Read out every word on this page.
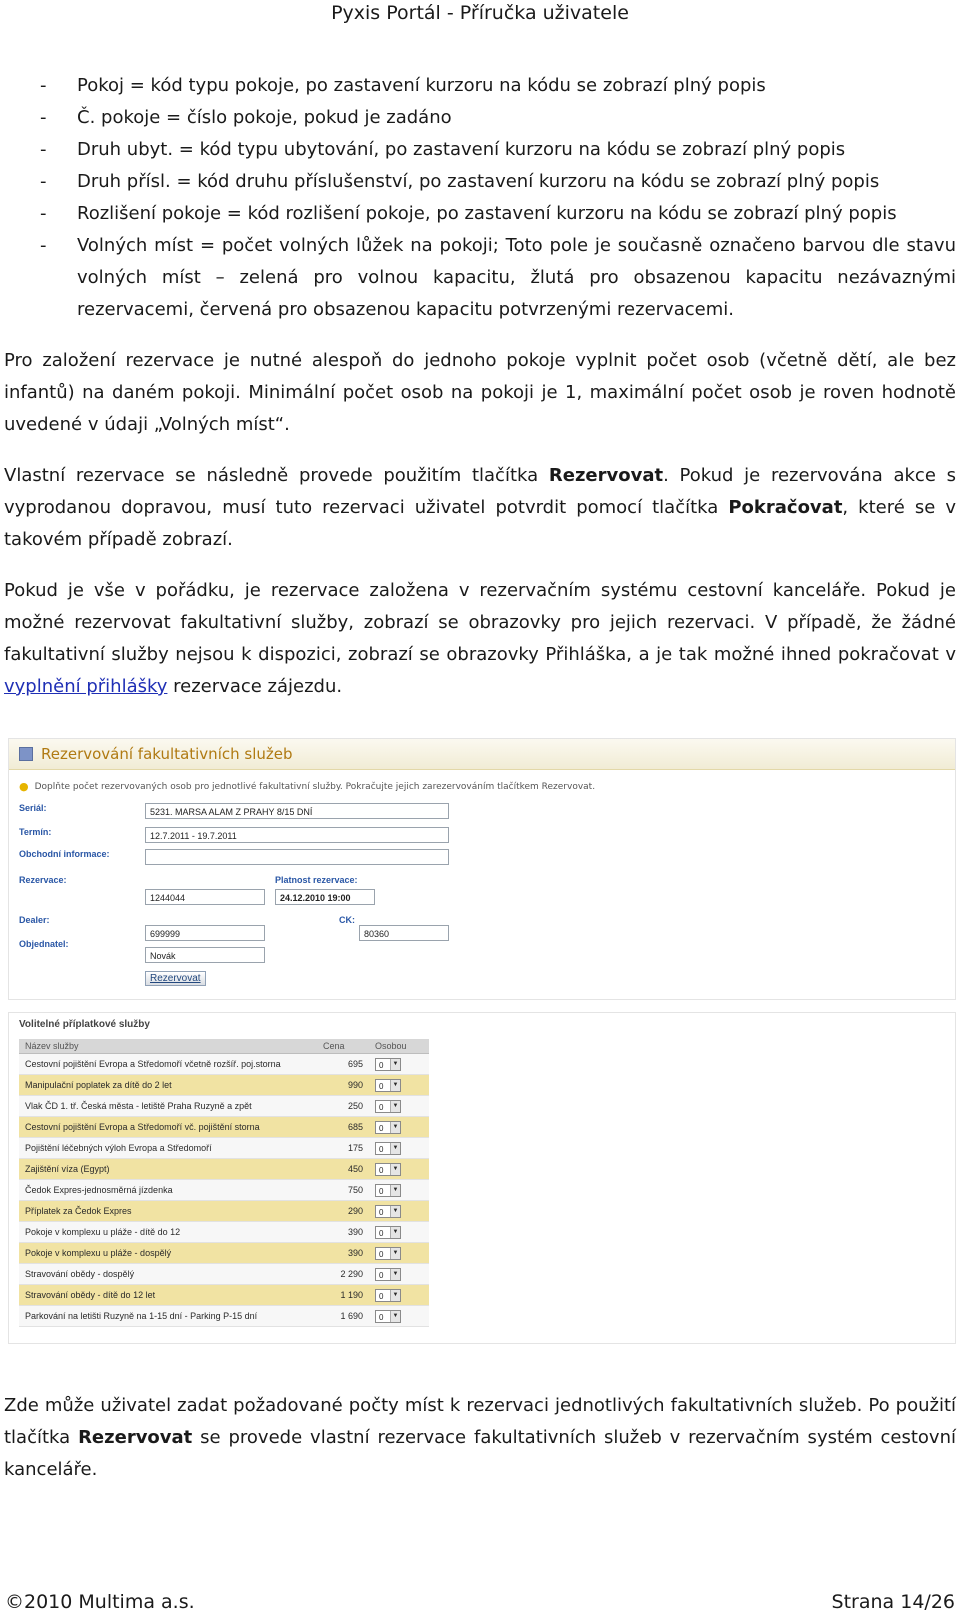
Pyxis Portál - Příručka uživatele
- Pokoj = kód typu pokoje, po zastavení kurzoru na kódu se zobrazí plný popis
- Č. pokoje = číslo pokoje, pokud je zadáno
- Druh ubyt. = kód typu ubytování, po zastavení kurzoru na kódu se zobrazí plný popis
- Druh přísl. = kód druhu příslušenství, po zastavení kurzoru na kódu se zobrazí plný popis
- Rozlišení pokoje = kód rozlišení pokoje, po zastavení kurzoru na kódu se zobrazí plný popis
- Volných míst = počet volných lůžek na pokoji; Toto pole je současně označeno barvou dle stavu volných míst – zelená pro volnou kapacitu, žlutá pro obsazenou kapacitu nezávaznými rezervacemi, červená pro obsazenou kapacitu potvrzenými rezervacemi.

Pro založení rezervace je nutné alespoň do jednoho pokoje vyplnit počet osob (včetně dětí, ale bez infantů) na daném pokoji. Minimální počet osob na pokoji je 1, maximální počet osob je roven hodnotě uvedené v údaji „Volných míst“.

Vlastní rezervace se následně provede použitím tlačítka Rezervovat. Pokud je rezervována akce s vyprodanou dopravou, musí tuto rezervaci uživatel potvrdit pomocí tlačítka Pokračovat, které se v takovém případě zobrazí.

Pokud je vše v pořádku, je rezervace založena v rezervačním systému cestovní kanceláře. Pokud je možné rezervovat fakultativní služby, zobrazí se obrazovky pro jejich rezervaci. V případě, že žádné fakultativní služby nejsou k dispozici, zobrazí se obrazovky Přihláška, a je tak možné ihned pokračovat v vyplnění přihlášky rezervace zájezdu.

Rezervování fakultativních služeb
● Doplňte počet rezervovaných osob pro jednotlivé fakultativní služby. Pokračujte jejich zarezervováním tlačítkem Rezervovat.
Seriál:	5231. MARSA ALAM Z PRAHY 8/15 DNÍ
Termín:	12.7.2011 - 19.7.2011
Obchodní informace:
Rezervace:
1244044
Platnost rezervace:
24.12.2010 19:00
Dealer:
699999
CK:
80360
Objednatel:
Novák
Rezervovat
Volitelné příplatkové služby
Název služby	Cena	Osobou
Cestovní pojištění Evropa a Středomoří včetně rozšíř. poj.storna	695	0 ▼

Manipulační poplatek za dítě do 2 let	990	0 ▼

Vlak ČD 1. tř. Česká města - letiště Praha Ruzyně a zpět	250	0 ▼

Cestovní pojištění Evropa a Středomoří vč. pojištění storna	685	0 ▼

Pojištění léčebných výloh Evropa a Středomoří	175	0 ▼

Zajištění víza (Egypt)	450	0 ▼

Čedok Expres-jednosměrná jízdenka	750	0 ▼

Příplatek za Čedok Expres	290	0 ▼

Pokoje v komplexu u pláže - dítě do 12	390	0 ▼

Pokoje v komplexu u pláže - dospělý	390	0 ▼

Stravování obědy - dospělý	2 290	0 ▼

Stravování obědy - dítě do 12 let	1 190	0 ▼

Parkování na letišti Ruzyně na 1-15 dní - Parking P-15 dní	1 690	0 ▼

Zde může uživatel zadat požadované počty míst k rezervaci jednotlivých fakultativních služeb. Po použití tlačítka Rezervovat se provede vlastní rezervace fakultativních služeb v rezervačním systém cestovní kanceláře.

©2010 Multima a.s.	Strana 14/26
